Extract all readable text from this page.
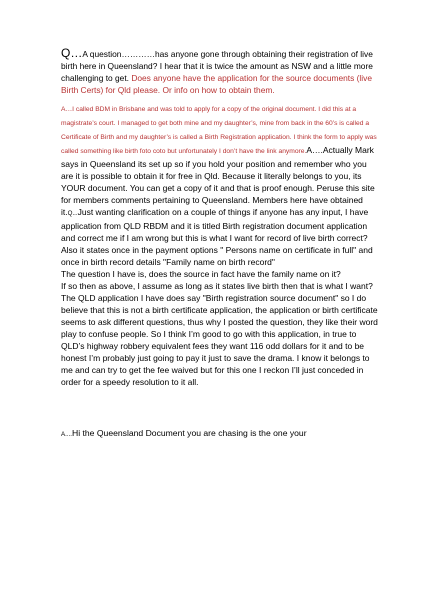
Q…A question…………has anyone gone through obtaining their registration of live birth here in Queensland? I hear that it is twice the amount as NSW and a little more challenging to get. Does anyone have the application for the source documents (live Birth Certs) for Qld please. Or info on how to obtain them.

A…I called BDM in Brisbane and was told to apply for a copy of the original document. I did this at a magistrate’s court. I managed to get both mine and my daughter’s, mine from back in the 60’s is called a Certificate of Birth and my daughter’s is called a Birth Registration application. I think the form to apply was called something like birth foto coto but unfortunately I don’t have the link anymore.A….Actually Mark says in Queensland its set up so if you hold your position and remember who you are it is possible to obtain it for free in Qld. Because it literally belongs to you, its YOUR document. You can get a copy of it and that is proof enough. Peruse this site for members comments pertaining to Queensland. Members here have obtained it.Q...Just wanting clarification on a couple of things if anyone has any input, I have application from QLD RBDM and it is titled Birth registration document application and correct me if I am wrong but this is what I want for record of live birth correct? Also it states once in the payment options " Persons name on certificate in full" and once in birth record details "Family name on birth record"
The question I have is, does the source in fact have the family name on it?
If so then as above, I assume as long as it states live birth then that is what I want? The QLD application I have does say "Birth registration source document" so I do believe that this is not a birth certificate application, the application or birth certificate seems to ask different questions, thus why I posted the question, they like their word play to confuse people. So I think I’m good to go with this application, in true to QLD’s highway robbery equivalent fees they want 116 odd dollars for it and to be honest I’m probably just going to pay it just to save the drama. I know it belongs to me and can try to get the fee waived but for this one I reckon I’ll just conceded in order for a speedy resolution to it all.

A....Hi the Queensland Document you are chasing is the one your
